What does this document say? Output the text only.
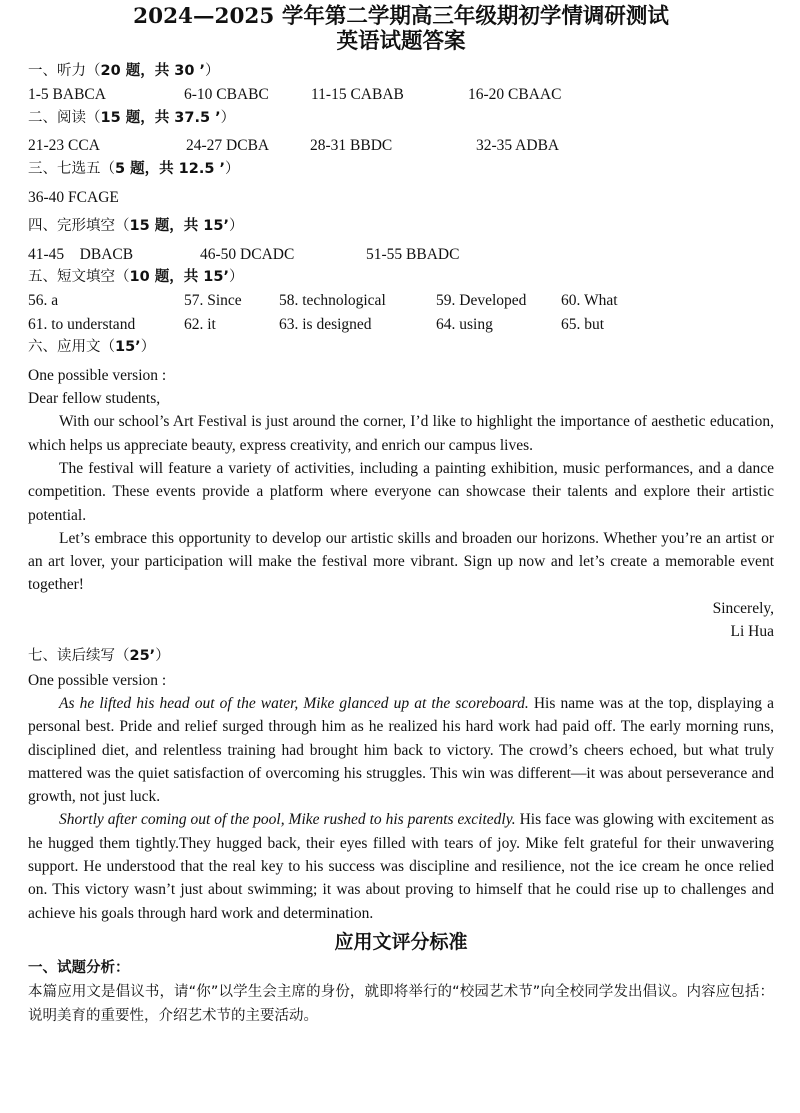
2024—2025 学年第二学期高三年级期初学情调研测试
英语试题答案

一、听力（20 题，共 30 ’）

1-5 BABCA	6-10 CBABC	11-15 CABAB	16-20 CBAAC

二、阅读（15 题，共 37.5 ’）

21-23 CCA	24-27 DCBA	28-31 BBDC	32-35 ADBA

三、七选五（5 题，共 12.5 ’）

36-40 FCAGE

四、完形填空（15 题，共 15’）

41-45    DBACB	46-50 DCADC	51-55 BBADC

五、短文填空（10 题，共 15’）

56. a	57. Since 58. technological	59. Developed 60. What
61. to understand	62. it	63. is designed	64. using	65. but

六、应用文（15’）

One possible version :

Dear fellow students,

With our school’s Art Festival is just around the corner, I’d like to highlight the importance of aesthetic education, which helps us appreciate beauty, express creativity, and enrich our campus lives.

The festival will feature a variety of activities, including a painting exhibition, music performances, and a dance competition. These events provide a platform where everyone can showcase their talents and explore their artistic potential.

Let’s embrace this opportunity to develop our artistic skills and broaden our horizons. Whether you’re an artist or an art lover, your participation will make the festival more vibrant. Sign up now and let’s create a memorable event together!

Sincerely,

Li Hua

七、读后续写（25’）

One possible version :

As he lifted his head out of the water, Mike glanced up at the scoreboard. His name was at the top, displaying a personal best. Pride and relief surged through him as he realized his hard work had paid off. The early morning runs, disciplined diet, and relentless training had brought him back to victory. The crowd’s cheers echoed, but what truly mattered was the quiet satisfaction of overcoming his struggles. This win was different—it was about perseverance and growth, not just luck.

Shortly after coming out of the pool, Mike rushed to his parents excitedly. His face was glowing with excitement as he hugged them tightly.They hugged back, their eyes filled with tears of joy. Mike felt grateful for their unwavering support. He understood that the real key to his success was discipline and resilience, not the ice cream he once relied on. This victory wasn’t just about swimming; it was about proving to himself that he could rise up to challenges and achieve his goals through hard work and determination.

应用文评分标准

一、试题分析：

本篇应用文是倡议书，请“你”以学生会主席的身份，就即将举行的“校园艺术节”向全校同学发出倡议。内容应包括：说明美育的重要性，介绍艺术节的主要活动。
